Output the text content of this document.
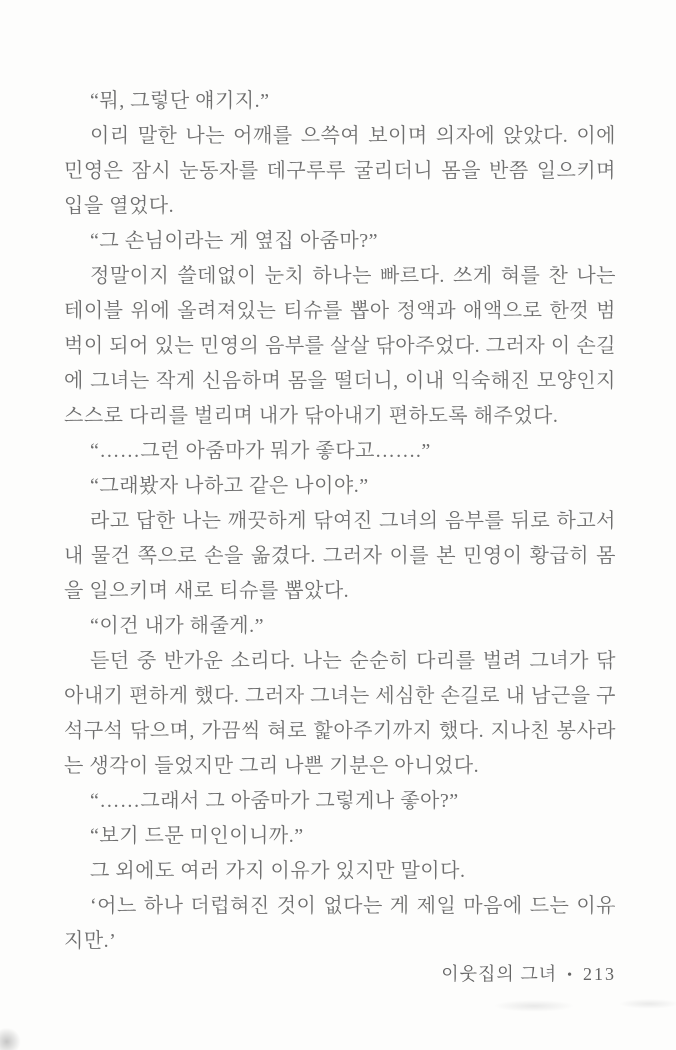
“뭐, 그렇단 얘기지.”

이리 말한 나는 어깨를 으쓱여 보이며 의자에 앉았다. 이에 민영은 잠시 눈동자를 데구루루 굴리더니 몸을 반쯤 일으키며 입을 열었다.

“그 손님이라는 게 옆집 아줌마?”

정말이지 쓸데없이 눈치 하나는 빠르다. 쓰게 혀를 찬 나는 테이블 위에 올려져있는 티슈를 뽑아 정액과 애액으로 한껏 범벅이 되어 있는 민영의 음부를 살살 닦아주었다. 그러자 이 손길에 그녀는 작게 신음하며 몸을 떨더니, 이내 익숙해진 모양인지 스스로 다리를 벌리며 내가 닦아내기 편하도록 해주었다.

“……그런 아줌마가 뭐가 좋다고…….”

“그래봤자 나하고 같은 나이야.”

라고 답한 나는 깨끗하게 닦여진 그녀의 음부를 뒤로 하고서 내 물건 쪽으로 손을 옮겼다. 그러자 이를 본 민영이 황급히 몸을 일으키며 새로 티슈를 뽑았다.

“이건 내가 해줄게.”

듣던 중 반가운 소리다. 나는 순순히 다리를 벌려 그녀가 닦아내기 편하게 했다. 그러자 그녀는 세심한 손길로 내 남근을 구석구석 닦으며, 가끔씩 혀로 핥아주기까지 했다. 지나친 봉사라는 생각이 들었지만 그리 나쁜 기분은 아니었다.

“……그래서 그 아줌마가 그렇게나 좋아?”

“보기 드문 미인이니까.”

그 외에도 여러 가지 이유가 있지만 말이다.

‘어느 하나 더럽혀진 것이 없다는 게 제일 마음에 드는 이유지만.’

이웃집의 그녀 • 213
